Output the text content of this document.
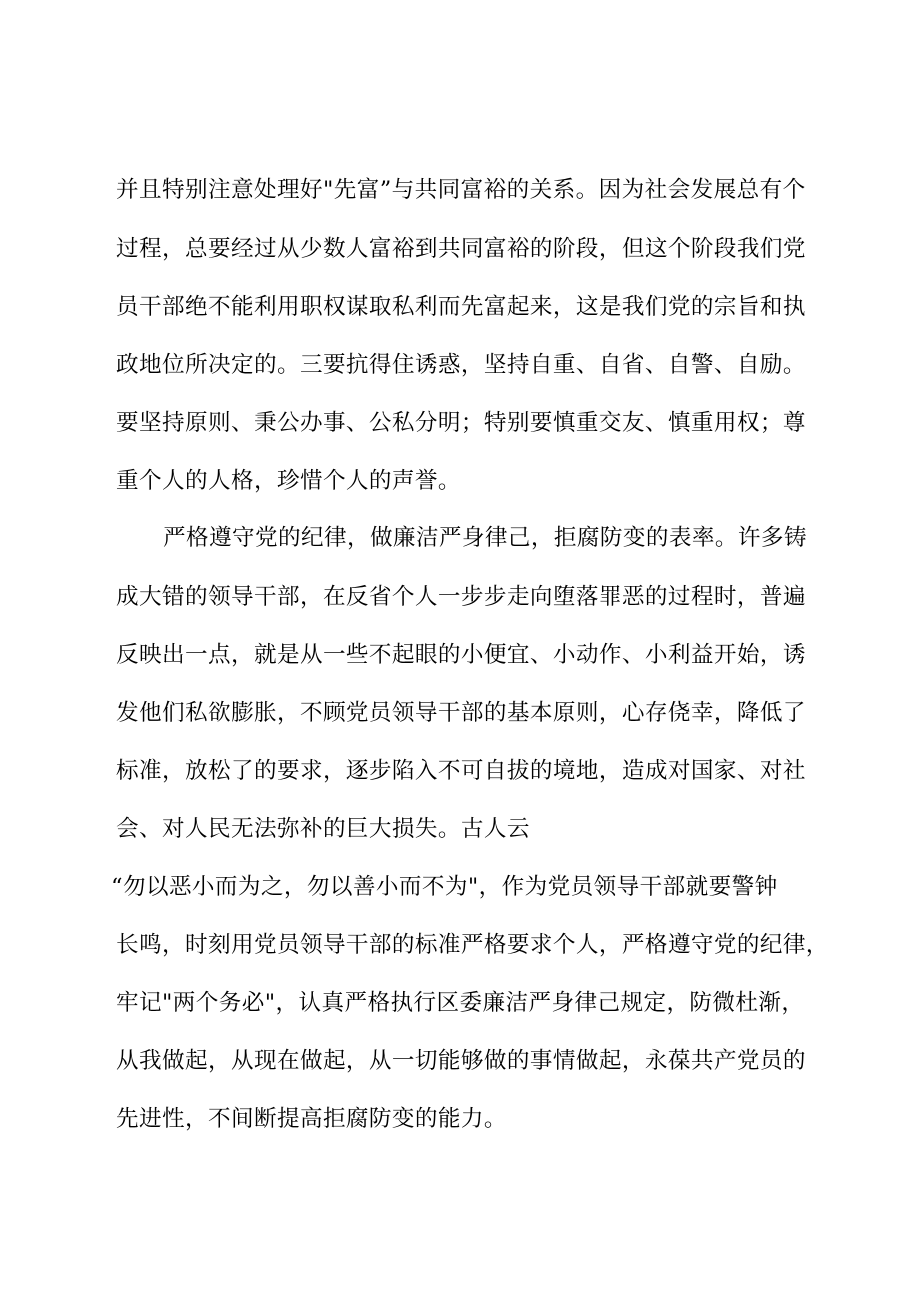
并且特别注意处理好"先富”与共同富裕的关系。因为社会发展总有个
过程，总要经过从少数人富裕到共同富裕的阶段，但这个阶段我们党
员干部绝不能利用职权谋取私利而先富起来，这是我们党的宗旨和执
政地位所决定的。三要抗得住诱惑，坚持自重、自省、自警、自励。
要坚持原则、秉公办事、公私分明；特别要慎重交友、慎重用权；尊
重个人的人格，珍惜个人的声誉。
严格遵守党的纪律，做廉洁严身律己，拒腐防变的表率。许多铸
成大错的领导干部，在反省个人一步步走向堕落罪恶的过程时，普遍
反映出一点，就是从一些不起眼的小便宜、小动作、小利益开始，诱
发他们私欲膨胀，不顾党员领导干部的基本原则，心存侥幸，降低了
标准，放松了的要求，逐步陷入不可自拔的境地，造成对国家、对社
会、对人民无法弥补的巨大损失。古人云
“勿以恶小而为之，勿以善小而不为"，作为党员领导干部就要警钟
长鸣，时刻用党员领导干部的标准严格要求个人，严格遵守党的纪律，
牢记"两个务必"，认真严格执行区委廉洁严身律己规定，防微杜渐，
从我做起，从现在做起，从一切能够做的事情做起，永葆共产党员的
先进性，不间断提高拒腐防变的能力。
